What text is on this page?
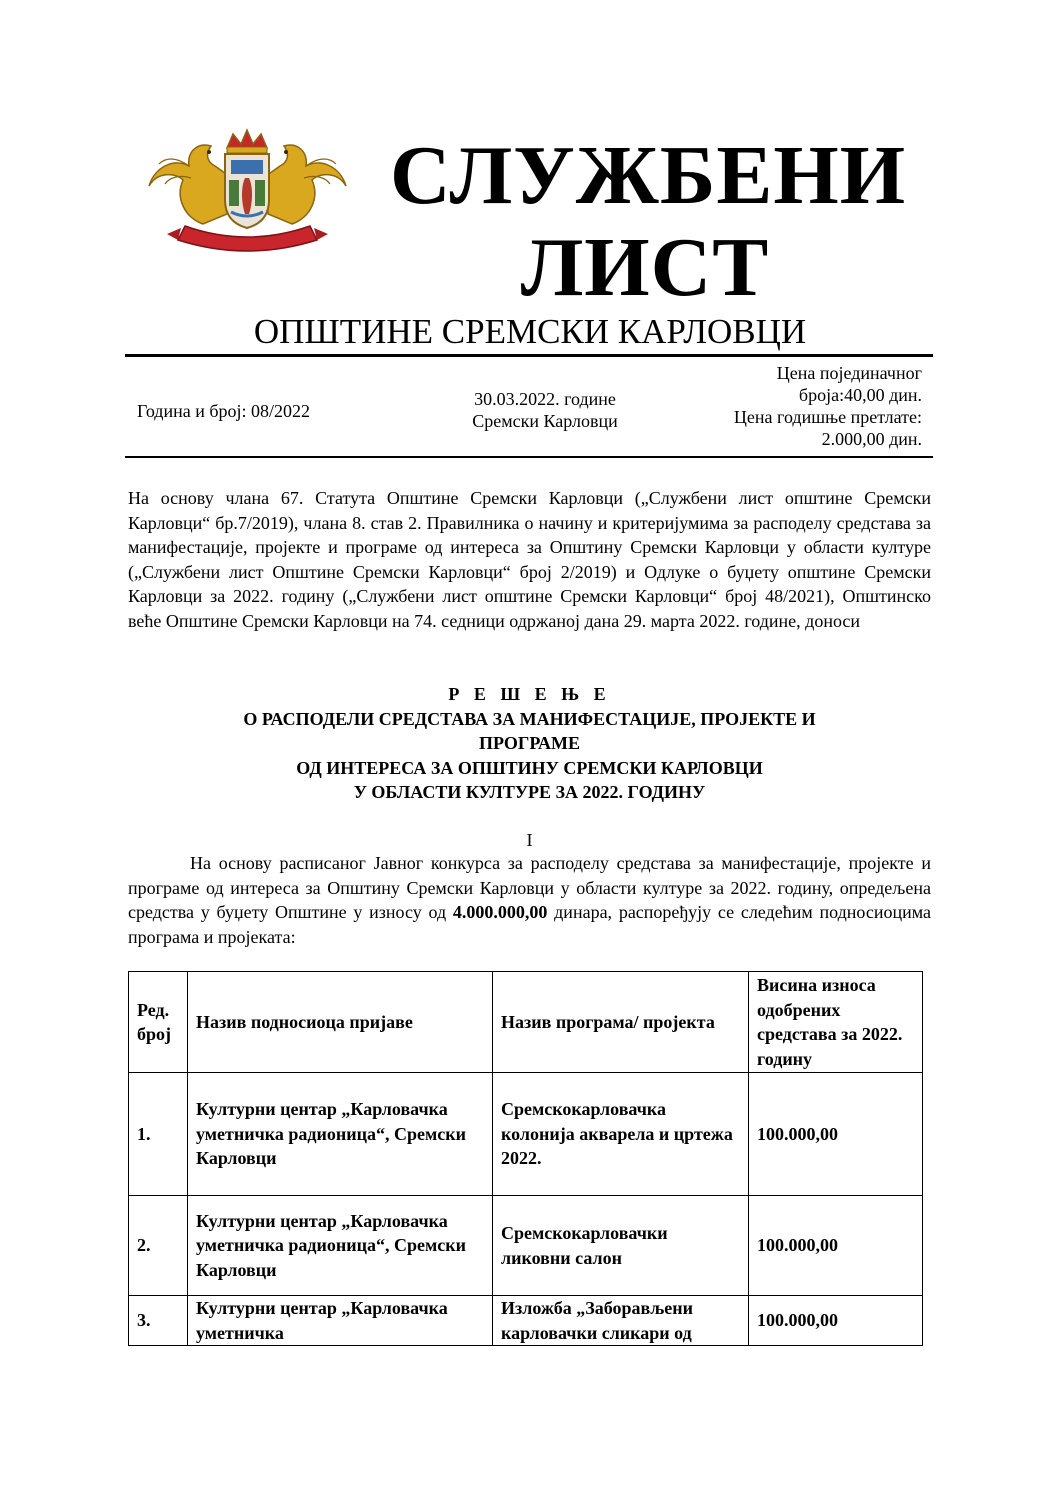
СЛУЖБЕНИ
ЛИСТ
ОПШТИНЕ СРЕМСКИ КАРЛОВЦИ
Година и број: 08/2022
30.03.2022. године
Сремски Карловци
Цена појединачног
броја:40,00 дин.
Цена годишње претлате:
2.000,00 дин.
На основу члана 67. Статута Општине Сремски Карловци („Службени лист општине Сремски Карловци“ бр.7/2019), члана 8. став 2. Правилника о начину и критеријумима за расподелу средстава за манифестације, пројекте и програме од интереса за Општину Сремски Карловци у области културе („Службени лист Општине Сремски Карловци“ број 2/2019) и Одлуке о буџету општине Сремски Карловци за 2022. годину („Службени лист општине Сремски Карловци“ број 48/2021), Општинско веће Општине Сремски Карловци на 74. седници одржаној дана 29. марта 2022. године, доноси
Р Е Ш Е Њ Е
О РАСПОДЕЛИ СРЕДСТАВА ЗА МАНИФЕСТАЦИЈЕ, ПРОЈЕКТЕ И
ПРОГРАМЕ
ОД ИНТЕРЕСА ЗА ОПШТИНУ СРЕМСКИ КАРЛОВЦИ
У ОБЛАСТИ КУЛТУРЕ ЗА 2022. ГОДИНУ
I
На основу расписаног Јавног конкурса за расподелу средстава за манифестације, пројекте и програме од интереса за Општину Сремски Карловци у области културе за 2022. годину, опредељена средства у буџету Општине у износу од 4.000.000,00 динара, распоређују се следећим подносиоцима програма и пројеката:
Ред. број	Назив подносиоца пријаве	Назив програма/ пројекта	Висина износа одобрених средстава за 2022. годину
1.	Културни центар „Карловачка уметничка радионица“, Сремски Карловци	Сремскокарловачка колонија акварела и цртежа 2022.	100.000,00
2.	Културни центар „Карловачка уметничка радионица“, Сремски Карловци	Сремскокарловачки ликовни салон	100.000,00
3.	Културни центар „Карловачка уметничка	Изложба „Заборављени карловачки сликари од	100.000,00
